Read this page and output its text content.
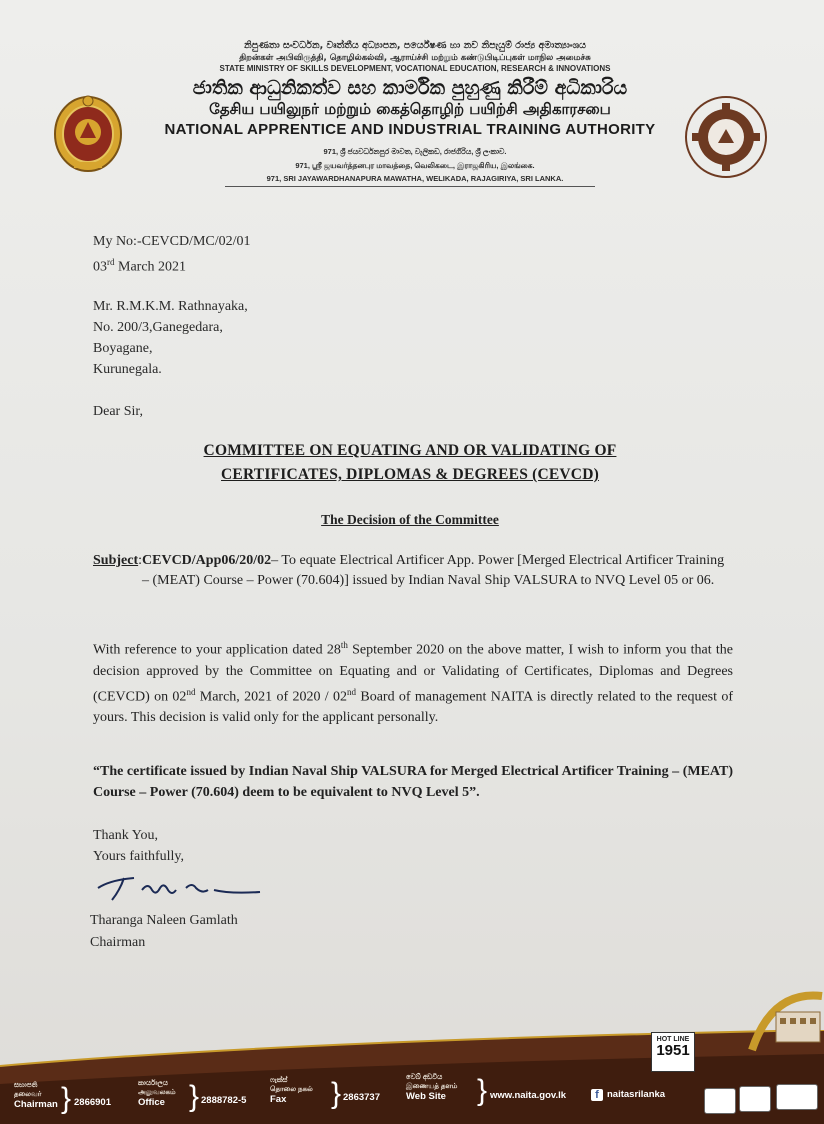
නිපුණතා සංවර්ධන, වෘත්තීය අධ්‍යාපන, පර්යේෂණ හා නව නිපැයුම් රාජ්‍ය අමාත්‍යාංශය
திறன்கள் அபிவிருத்தி, தொழில்கல்வி, ஆராய்ச்சி மற்றும் கண்டுபிடிப்புகள் மாநில அமைச்சு
STATE MINISTRY OF SKILLS DEVELOPMENT, VOCATIONAL EDUCATION, RESEARCH & INNOVATIONS
ජාතික ආධුනිකත්ව සහ කාර්මික පුහුණු කිරීම් අධිකාරිය
தேசிய பயிலுநர் மற்றும் கைத்தொழிற் பயிற்சி அதிகாரசபை
NATIONAL APPRENTICE AND INDUSTRIAL TRAINING AUTHORITY
971, ශ්‍රී ජයවර්ධනපුර මාවත, වැලිකඩ, රාජගිරිය, ශ්‍රී ලංකාව.
971, ஸ்ரீ ஜயவர்த்தனபுர மாவத்தை, வெலிகடை, இராஜகிரிய, இலங்கை.
971, SRI JAYAWARDHANAPURA MAWATHA, WELIKADA, RAJAGIRIYA, SRI LANKA.
My No:-CEVCD/MC/02/01
03rd March 2021
Mr. R.M.K.M. Rathnayaka,
No. 200/3,Ganegedara,
Boyagane,
Kurunegala.
Dear Sir,
COMMITTEE ON EQUATING AND OR VALIDATING OF
CERTIFICATES, DIPLOMAS & DEGREES (CEVCD)
The Decision of the Committee
Subject: CEVCD/App06/20/02– To equate Electrical Artificer App. Power [Merged Electrical Artificer Training – (MEAT) Course – Power (70.604)] issued by Indian Naval Ship VALSURA to NVQ Level 05 or 06.
With reference to your application dated 28th September 2020 on the above matter, I wish to inform you that the decision approved by the Committee on Equating and or Validating of Certificates, Diplomas and Degrees (CEVCD) on 02nd March, 2021 of 2020 / 02nd Board of management NAITA is directly related to the request of yours. This decision is valid only for the applicant personally.
“The certificate issued by Indian Naval Ship VALSURA for Merged Electrical Artificer Training – (MEAT) Course – Power (70.604) deem to be equivalent to NVQ Level 5”.
Thank You,
Yours faithfully,
Tharanga Naleen Gamlath
Chairman
HOT LINE
1951
සභාපති
தலைவர்
Chairman } 2866901
කාර්යාලය
அலுவலகம்
Office } 2888782-5
ෆැක්ස්
தொலை நகல்
Fax	} 2863737
වෙබ් අඩවිය
இணையத் தளம்
Web Site	} www.naita.gov.lk	f naitasrilanka
